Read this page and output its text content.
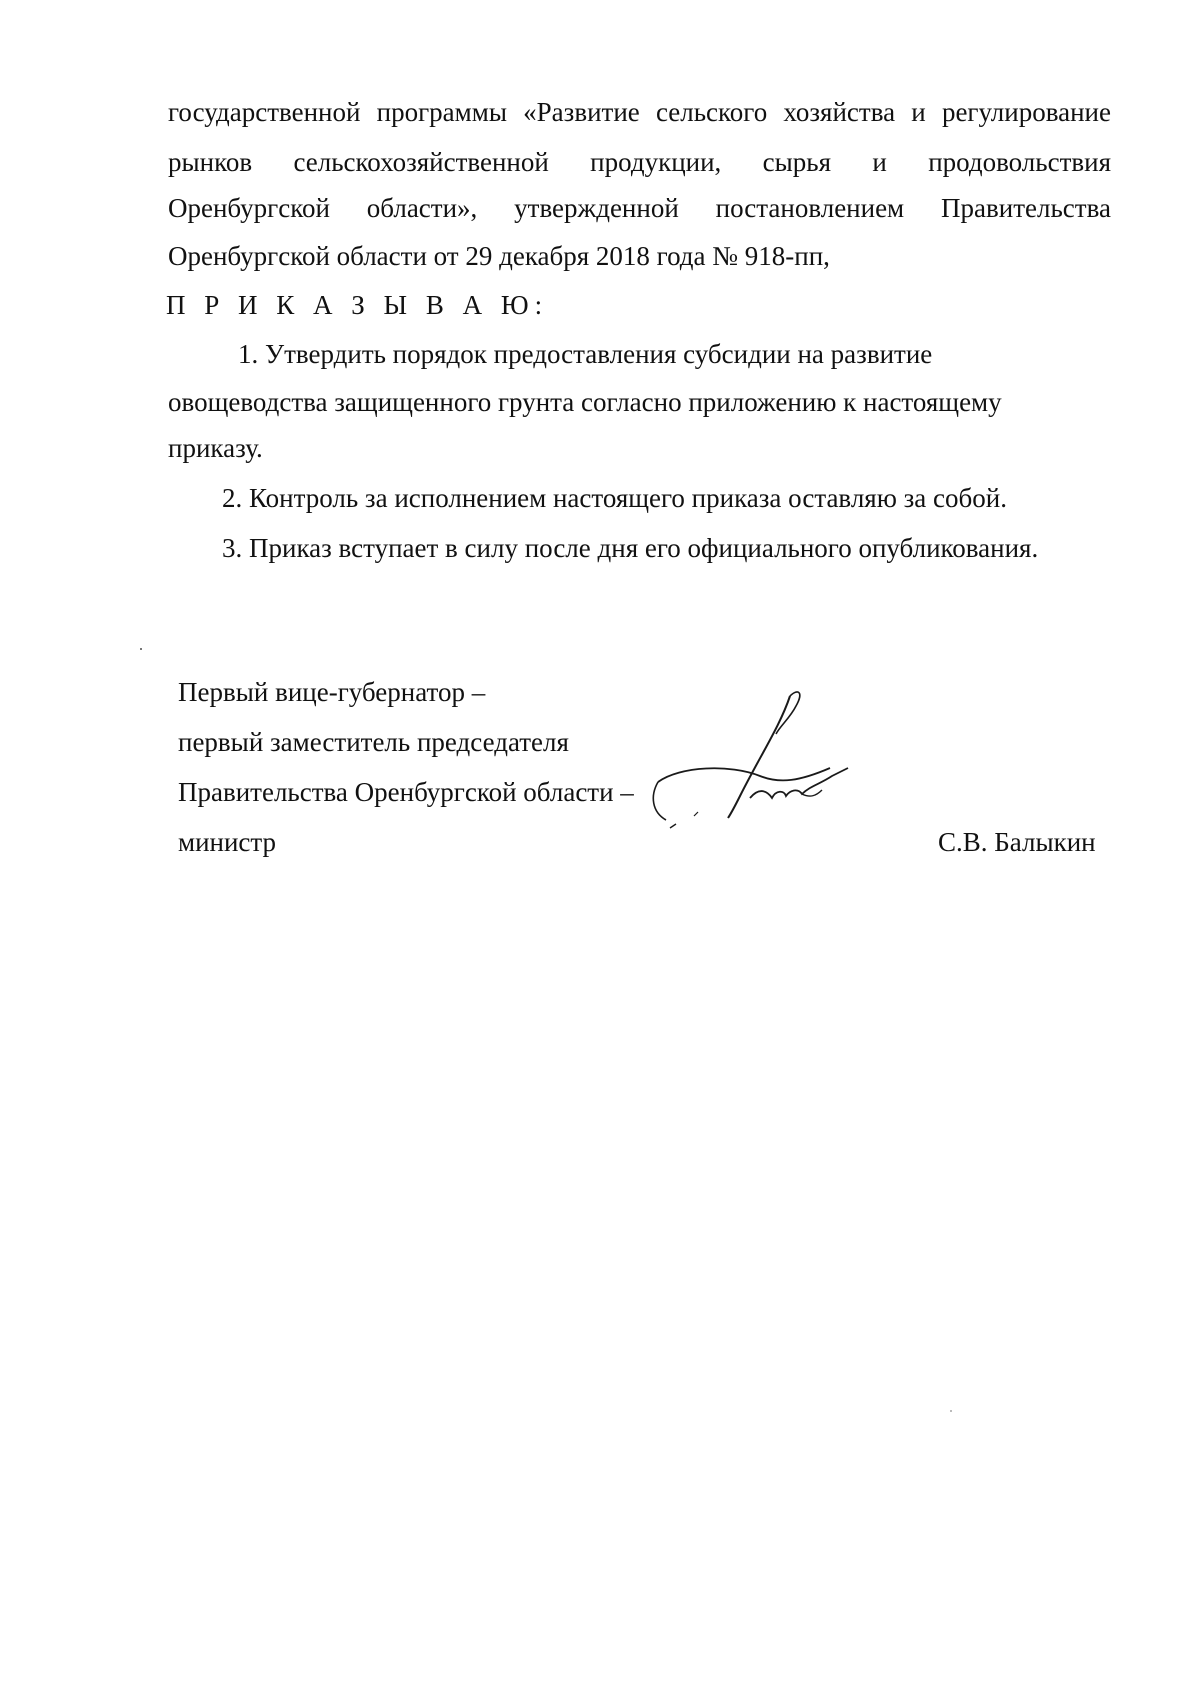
государственной программы «Развитие сельского хозяйства и регулирование
рынков сельскохозяйственной продукции, сырья и продовольствия
Оренбургской области», утвержденной постановлением Правительства
Оренбургской области от 29 декабря 2018 года № 918-пп,
П Р И К А З Ы В А Ю:
1. Утвердить порядок предоставления субсидии на развитие
овощеводства защищенного грунта согласно приложению к настоящему
приказу.
2. Контроль за исполнением настоящего приказа оставляю за собой.
3. Приказ вступает в силу после дня его официального опубликования.
Первый вице-губернатор –
первый заместитель председателя
Правительства Оренбургской области –
министр	С.В. Балыкин
